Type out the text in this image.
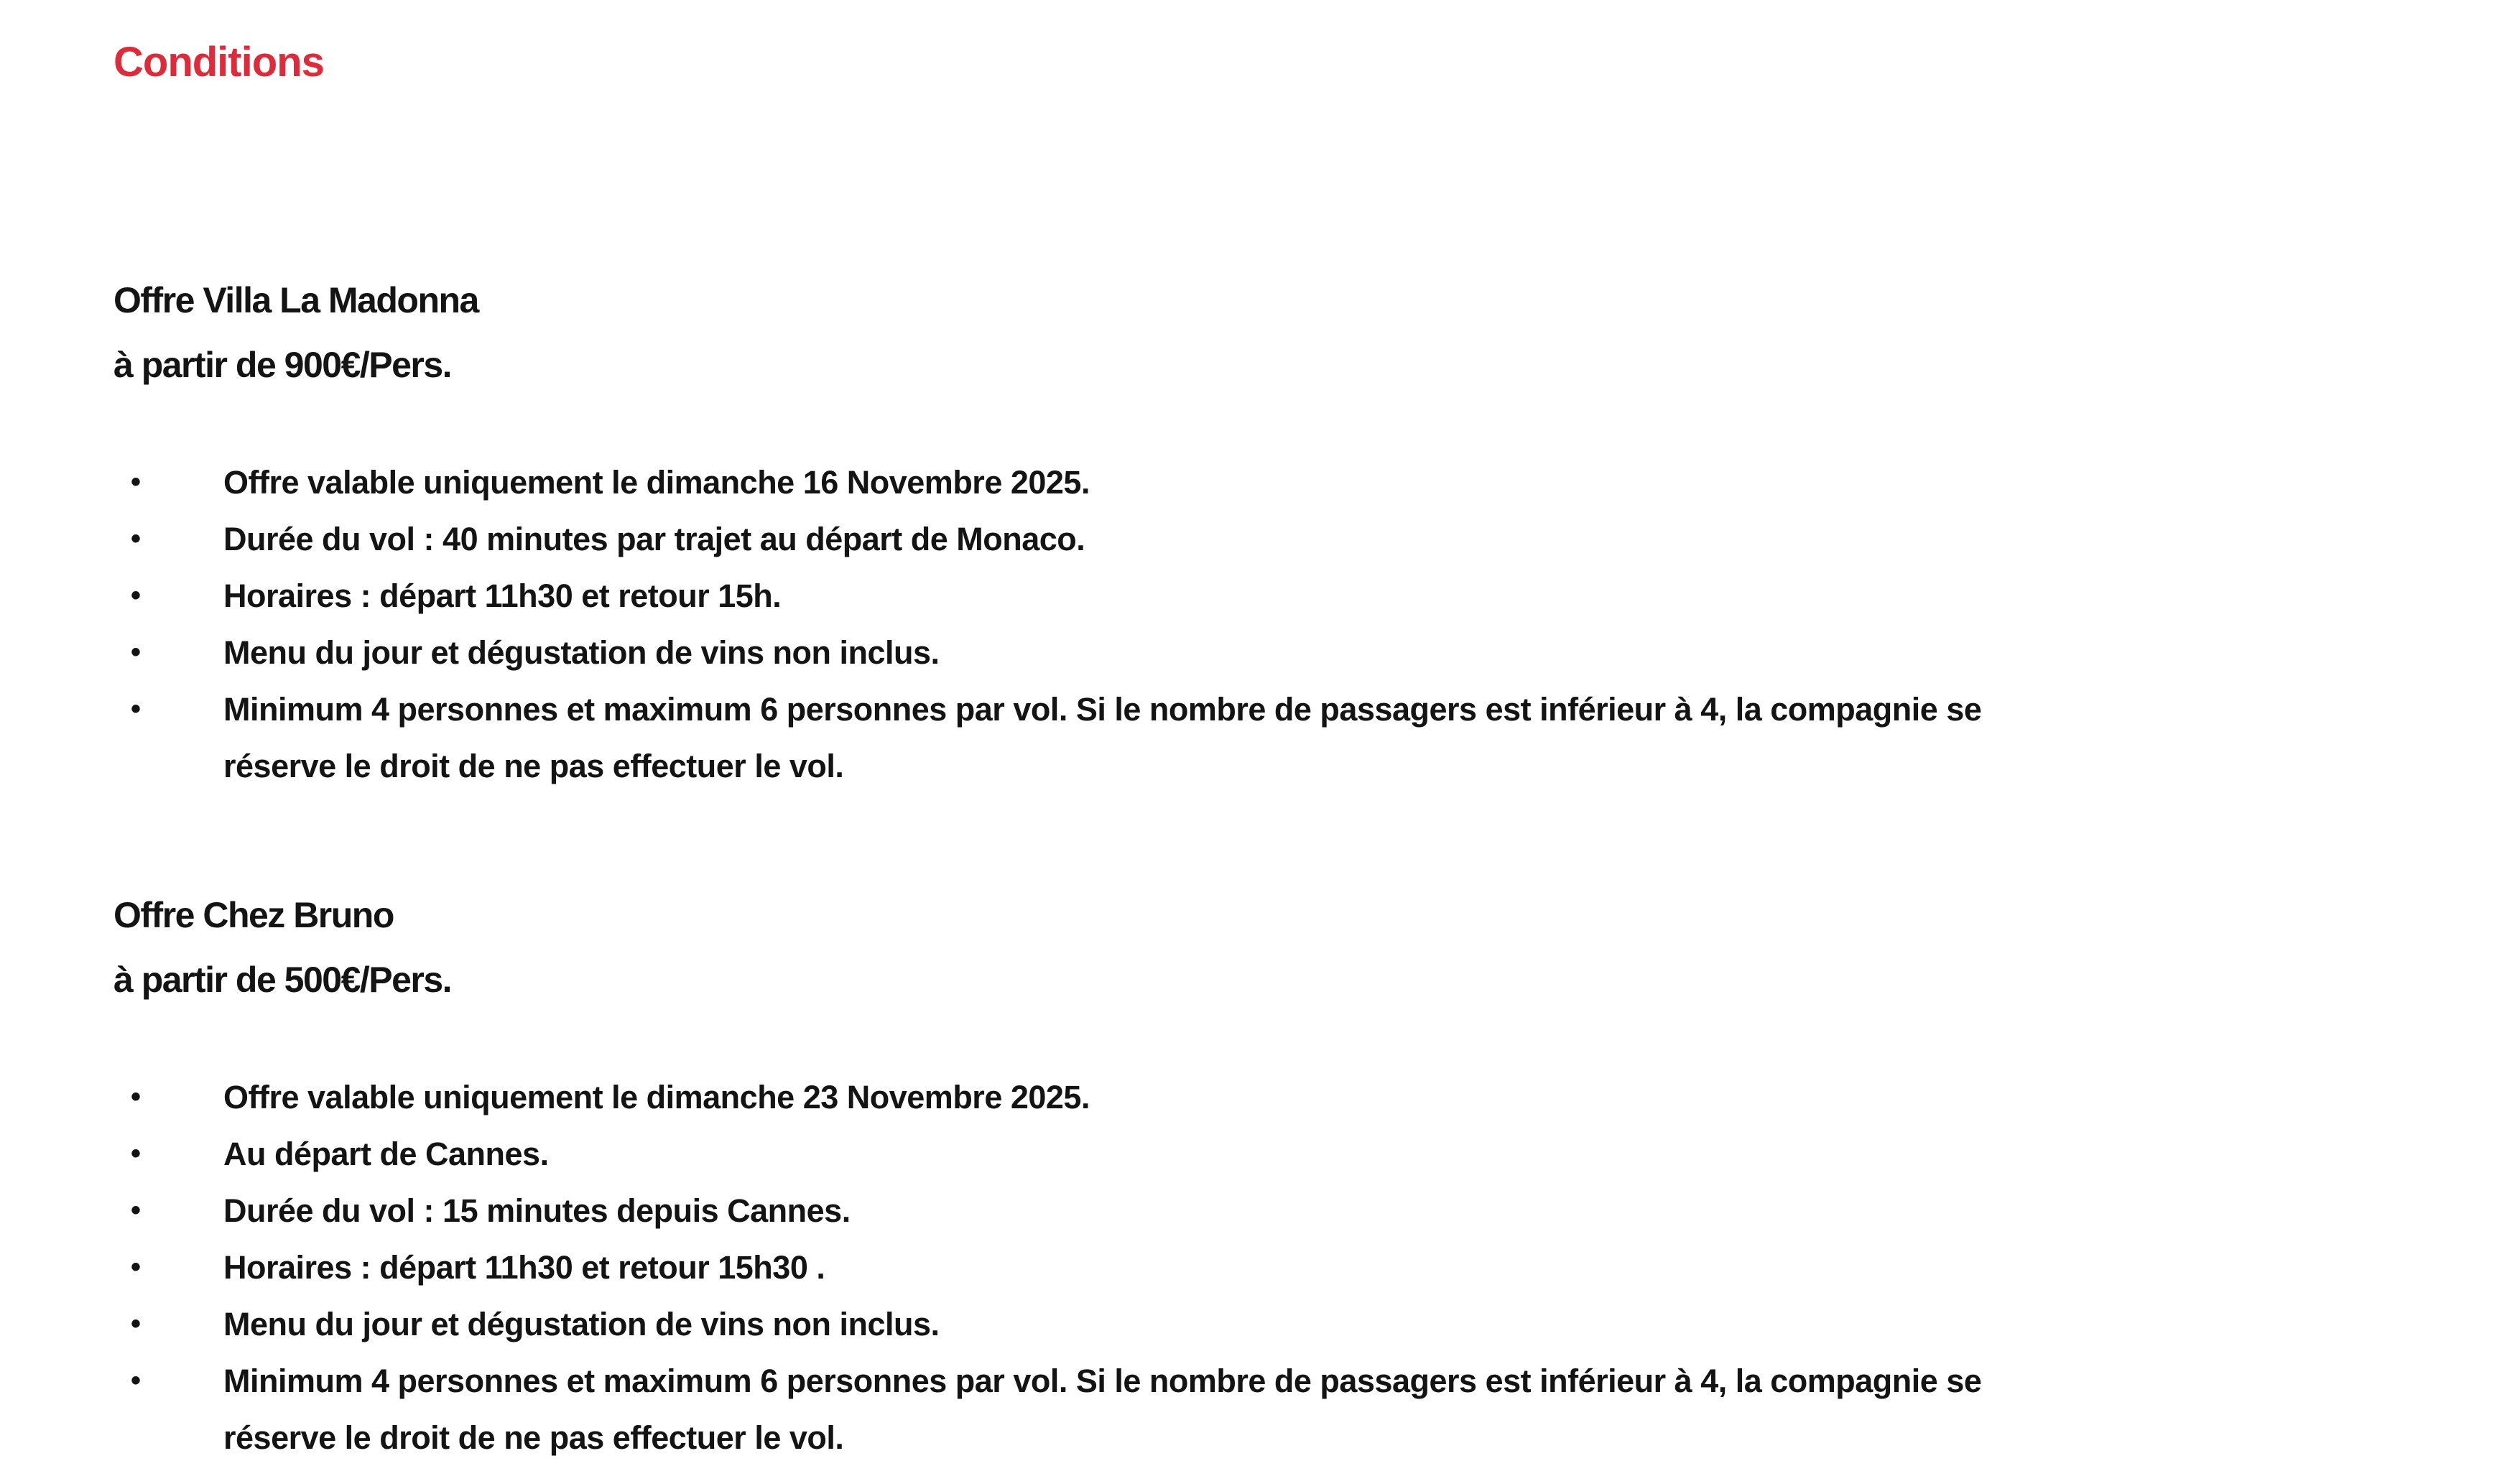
Conditions
Offre Villa La Madonna

à partir de 900€/Pers.

•	Offre valable uniquement le dimanche 16 Novembre 2025.
•	Durée du vol : 40 minutes par trajet au départ de Monaco.
•	Horaires : départ 11h30 et retour 15h.
•	Menu du jour et dégustation de vins non inclus.
•	Minimum 4 personnes et maximum 6 personnes par vol. Si le nombre de passagers est inférieur à 4, la compagnie se réserve le droit de ne pas effectuer le vol.
Offre Chez Bruno

à partir de 500€/Pers.

•	Offre valable uniquement le dimanche 23 Novembre 2025.
•	Au départ de Cannes.
•	Durée du vol : 15 minutes depuis Cannes.
•	Horaires : départ 11h30 et retour 15h30 .
•	Menu du jour et dégustation de vins non inclus.
•	Minimum 4 personnes et maximum 6 personnes par vol. Si le nombre de passagers est inférieur à 4, la compagnie se réserve le droit de ne pas effectuer le vol.
